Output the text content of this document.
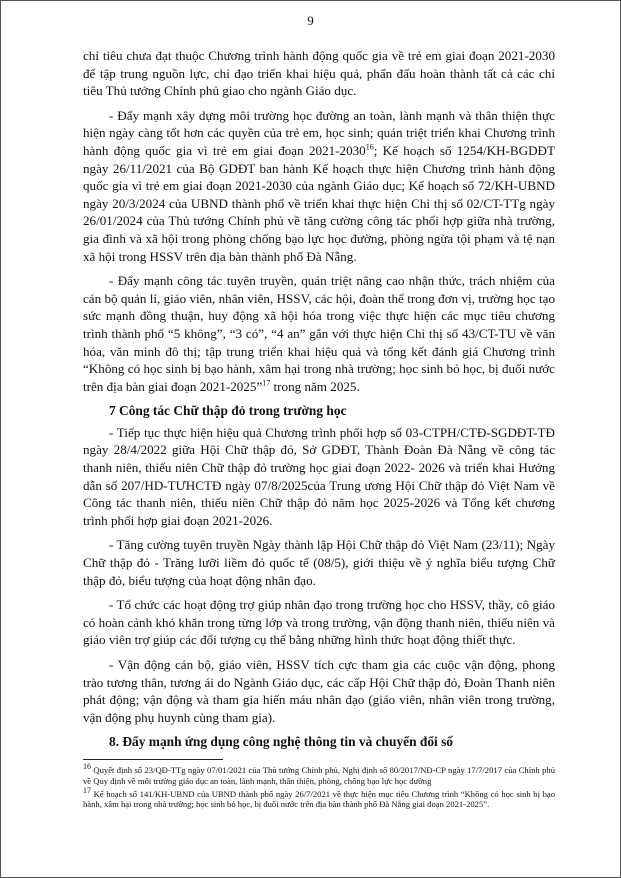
9

chỉ tiêu chưa đạt thuộc Chương trình hành động quốc gia về trẻ em giai đoạn 2021-2030 để tập trung nguồn lực, chỉ đạo triển khai hiệu quả, phấn đấu hoàn thành tất cả các chỉ tiêu Thủ tướng Chính phủ giao cho ngành Giáo dục.

- Đẩy mạnh xây dựng môi trường học đường an toàn, lành mạnh và thân thiện thực hiện ngày càng tốt hơn các quyền của trẻ em, học sinh; quán triệt triển khai Chương trình hành động quốc gia vì trẻ em giai đoạn 2021-2030$^{16}$; Kế hoạch số 1254/KH-BGDĐT ngày 26/11/2021 của Bộ GDĐT ban hành Kế hoạch thực hiện Chương trình hành động quốc gia vì trẻ em giai đoạn 2021-2030 của ngành Giáo dục; Kế hoạch số 72/KH-UBND ngày 20/3/2024 của UBND thành phố về triển khai thực hiện Chỉ thị số 02/CT-TTg ngày 26/01/2024 của Thủ tướng Chính phủ về tăng cường công tác phối hợp giữa nhà trường, gia đình và xã hội trong phòng chống bạo lực học đường, phòng ngừa tội phạm và tệ nạn xã hội trong HSSV trên địa bàn thành phố Đà Nẵng.

- Đẩy mạnh công tác tuyên truyền, quán triệt nâng cao nhận thức, trách nhiệm của cán bộ quản lí, giáo viên, nhân viên, HSSV, các hội, đoàn thể trong đơn vị, trường học tạo sức mạnh đồng thuận, huy động xã hội hóa trong việc thực hiện các mục tiêu chương trình thành phố “5 không”, “3 có”, “4 an” gắn với thực hiện Chỉ thị số 43/CT-TU về văn hóa, văn minh đô thị; tập trung triển khai hiệu quả và tổng kết đánh giá Chương trình “Không có học sinh bị bạo hành, xâm hại trong nhà trường; học sinh bỏ học, bị đuối nước trên địa bàn giai đoạn 2021-2025”$^{17}$ trong năm 2025.

7 Công tác Chữ thập đỏ trong trường học

- Tiếp tục thực hiện hiệu quả Chương trình phối hợp số 03-CTPH/CTĐ-SGDĐT-TĐ ngày 28/4/2022 giữa Hội Chữ thập đỏ, Sở GDĐT, Thành Đoàn Đà Nẵng về công tác thanh niên, thiếu niên Chữ thập đỏ trường học giai đoạn 2022- 2026 và triển khai Hướng dẫn số 207/HD-TƯHCTĐ ngày 07/8/2025của Trung ương Hội Chữ thập đỏ Việt Nam về Công tác thanh niên, thiếu niên Chữ thập đỏ năm học 2025-2026 và Tổng kết chương trình phối hợp giai đoạn 2021-2026.

- Tăng cường tuyên truyền Ngày thành lập Hội Chữ thập đỏ Việt Nam (23/11); Ngày Chữ thập đỏ - Trăng lưỡi liềm đỏ quốc tế (08/5), giới thiệu về ý nghĩa biểu tượng Chữ thập đỏ, biểu tượng của hoạt động nhân đạo.

- Tổ chức các hoạt động trợ giúp nhân đạo trong trường học cho HSSV, thầy, cô giáo có hoàn cảnh khó khăn trong từng lớp và trong trường, vận động thanh niên, thiếu niên và giáo viên trợ giúp các đối tượng cụ thể bằng những hình thức hoạt động thiết thực.

- Vận động cán bộ, giáo viên, HSSV tích cực tham gia các cuộc vận động, phong trào tương thân, tương ái do Ngành Giáo dục, các cấp Hội Chữ thập đỏ, Đoàn Thanh niên phát động; vận động và tham gia hiến máu nhân đạo (giáo viên, nhân viên trong trường, vận động phụ huynh cùng tham gia).

8. Đẩy mạnh ứng dụng công nghệ thông tin và chuyển đổi số
$^{16}$ Quyết định số 23/QĐ-TTg ngày 07/01/2021 của Thủ tướng Chính phủ, Nghị định số 80/2017/NĐ-CP ngày 17/7/2017 của Chính phủ về Quy định về môi trường giáo dục an toàn, lành mạnh, thân thiện, phòng, chống bạo lực học đường
$^{17}$ Kế hoạch số 141/KH-UBND của UBND thành phố ngày 26/7/2021 về thực hiện mục tiêu Chương trình “Không có học sinh bị bạo hành, xâm hại trong nhà trường; học sinh bỏ học, bị đuối nước trên địa bàn thành phố Đà Nẵng giai đoạn 2021-2025”.
